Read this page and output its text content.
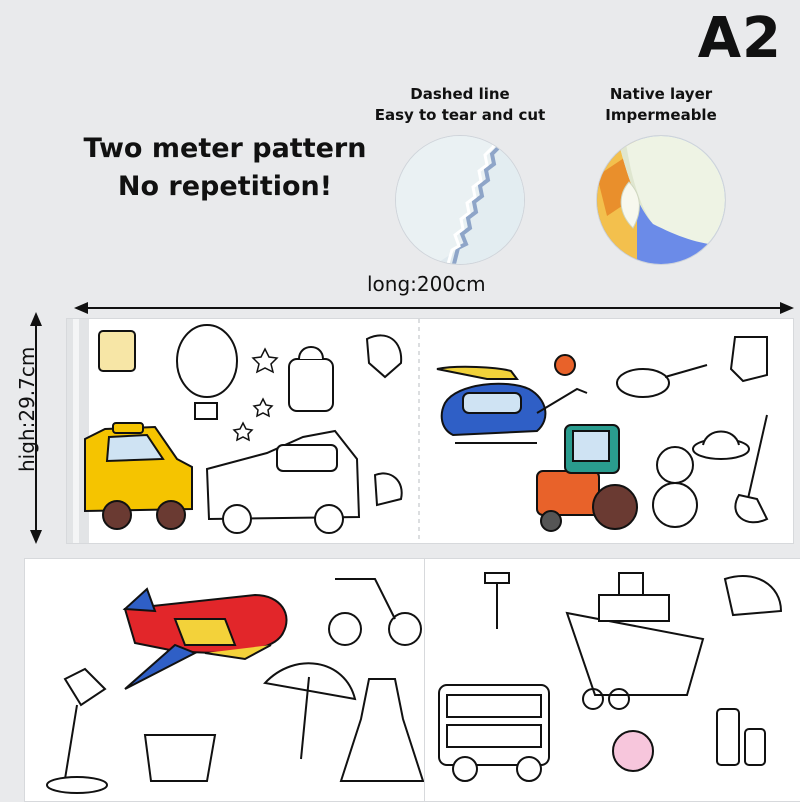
A2
Two meter pattern
No repetition!
Dashed line
Easy to tear and cut
Native layer
Impermeable
long:200cm
high:29.7cm
